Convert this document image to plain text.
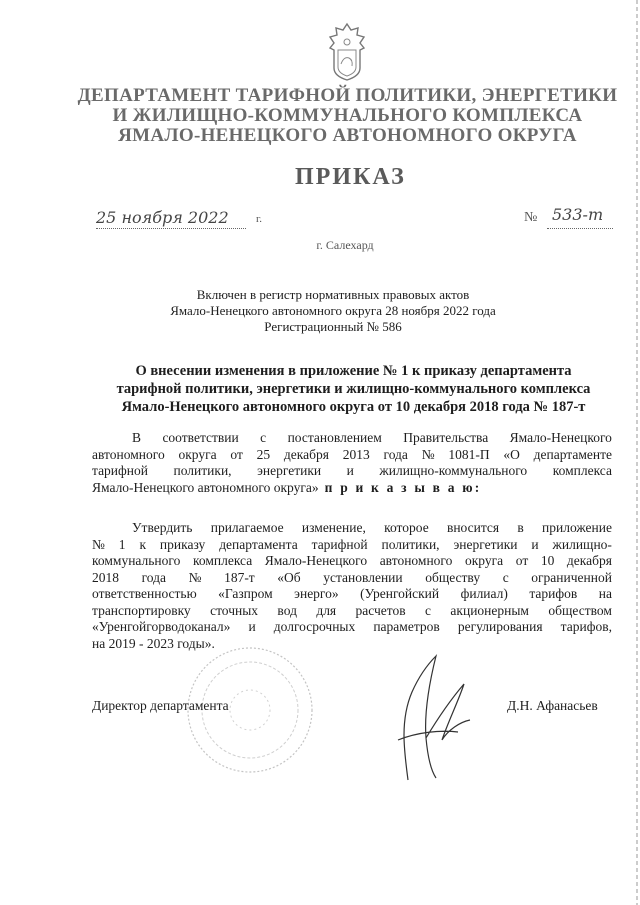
ДЕПАРТАМЕНТ ТАРИФНОЙ ПОЛИТИКИ, ЭНЕРГЕТИКИ
И ЖИЛИЩНО-КОММУНАЛЬНОГО КОМПЛЕКСА
ЯМАЛО-НЕНЕЦКОГО АВТОНОМНОГО ОКРУГА
ПРИКАЗ
25 ноября 2022 г.	№ 533-т
г. Салехард
Включен в регистр нормативных правовых актов
Ямало-Ненецкого автономного округа 28 ноября 2022 года
Регистрационный № 586
О внесении изменения в приложение № 1 к приказу департамента
тарифной политики, энергетики и жилищно-коммунального комплекса
Ямало-Ненецкого автономного округа от 10 декабря 2018 года № 187-т
В соответствии с постановлением Правительства Ямало-Ненецкого
автономного округа от 25 декабря 2013 года № 1081-П «О департаменте
тарифной политики, энергетики и жилищно-коммунального комплекса
Ямало-Ненецкого автономного округа» п р и к а з ы в а ю:
Утвердить прилагаемое изменение, которое вносится в приложение
№ 1 к приказу департамента тарифной политики, энергетики и жилищно-
коммунального комплекса Ямало-Ненецкого автономного округа от 10 декабря
2018 года № 187-т «Об установлении обществу с ограниченной
ответственностью «Газпром энерго» (Уренгойский филиал) тарифов на
транспортировку сточных вод для расчетов с акционерным обществом
«Уренгойгорводоканал» и долгосрочных параметров регулирования тарифов,
на 2019 - 2023 годы».
Директор департамента	Д.Н. Афанасьев
